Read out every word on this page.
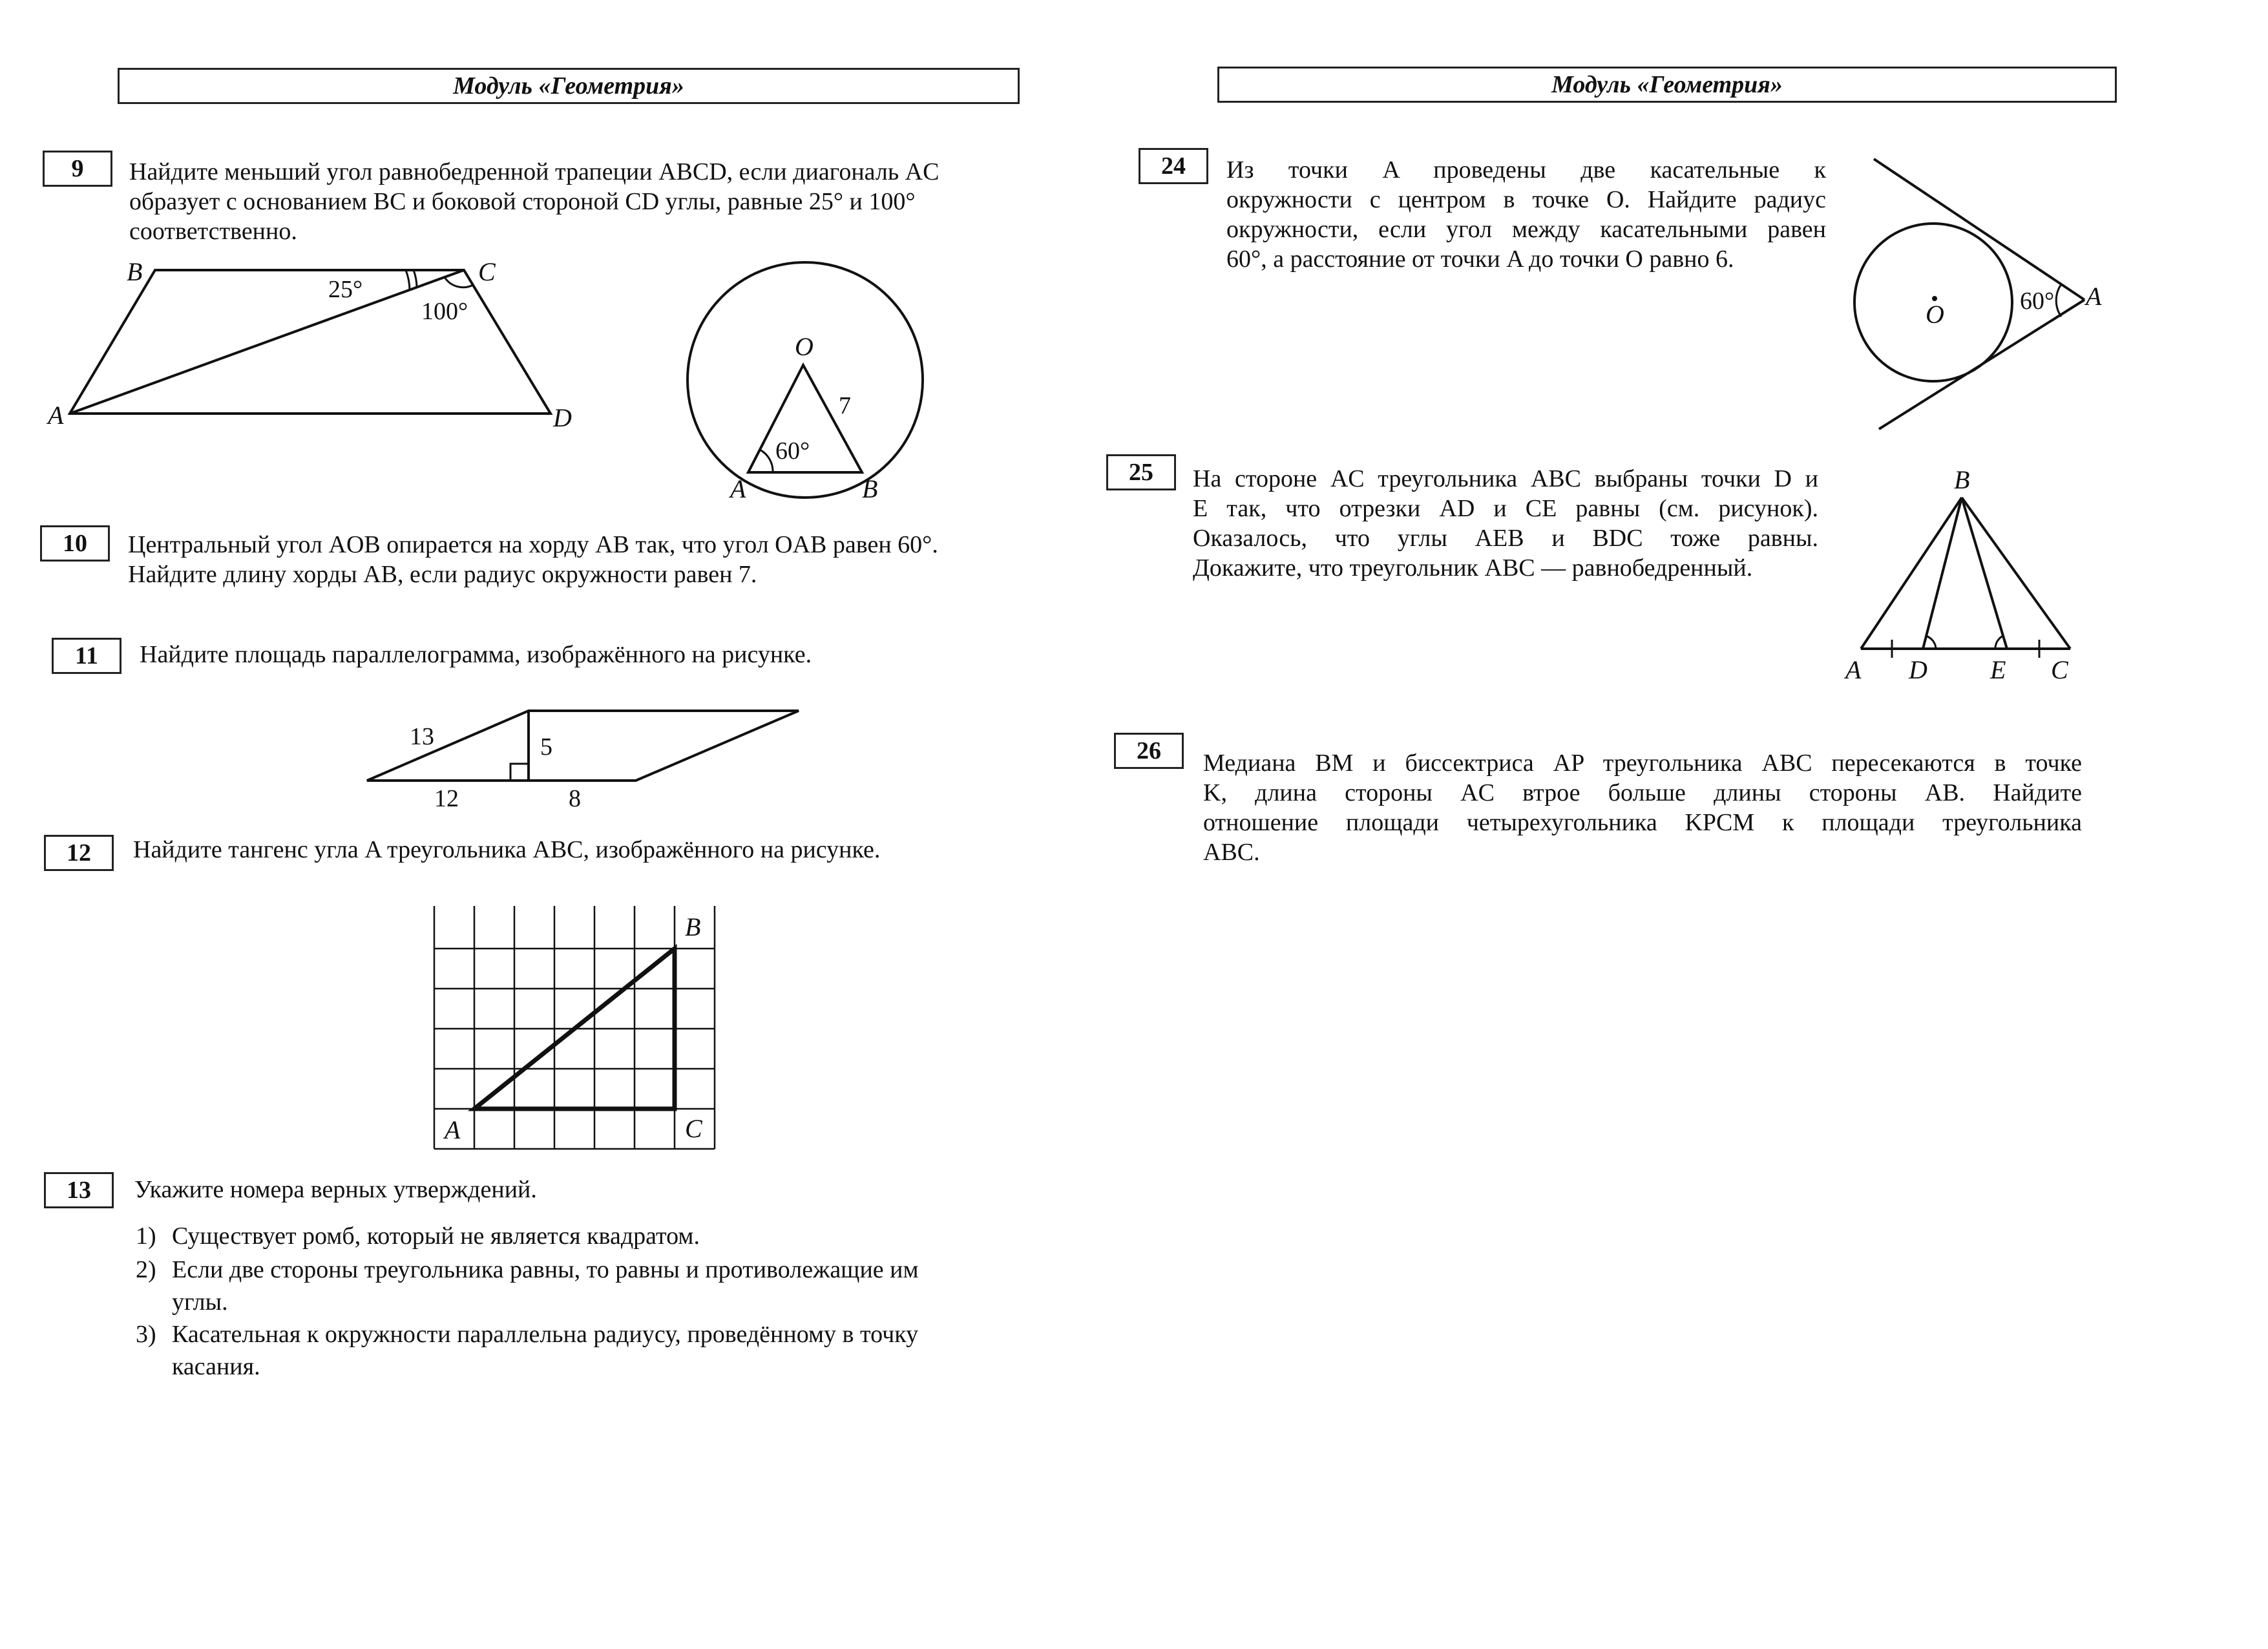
Модуль «Геометрия»
9 Найдите меньший угол равнобедренной трапеции ABCD, если диагональ AC
образует с основанием BC и боковой стороной CD углы, равные 25° и 100°
соответственно.
B	C
A	D
25°
100°
O
7
60°
A	B
10 Центральный угол AOB опирается на хорду AB так, что угол OAB равен 60°.
Найдите длину хорды AB, если радиус окружности равен 7.
11 Найдите площадь параллелограмма, изображённого на рисунке.
13	5
12	8
12 Найдите тангенс угла A треугольника ABC, изображённого на рисунке.
A
B
C
13 Укажите номера верных утверждений.
1) Существует ромб, который не является квадратом.
2) Если две стороны треугольника равны, то равны и противолежащие им
углы.
3) Касательная к окружности параллельна радиусу, проведённому в точку
касания.
Модуль «Геометрия»
24 Из точки A проведены две касательные к
окружности с центром в точке O. Найдите радиус
окружности, если угол между касательными равен
60°, а расстояние от точки A до точки O равно 6.
O	60° A
25 На стороне AC треугольника ABC выбраны точки D и
E так, что отрезки AD и CE равны (см. рисунок).
Оказалось, что углы AEB и BDC тоже равны.
Докажите, что треугольник ABC — равнобедренный.
B
A D E C
26 Медиана BM и биссектриса AP треугольника ABC пересекаются в точке
K, длина стороны AC втрое больше длины стороны AB. Найдите
отношение площади четырехугольника KPCM к площади треугольника
ABC.
